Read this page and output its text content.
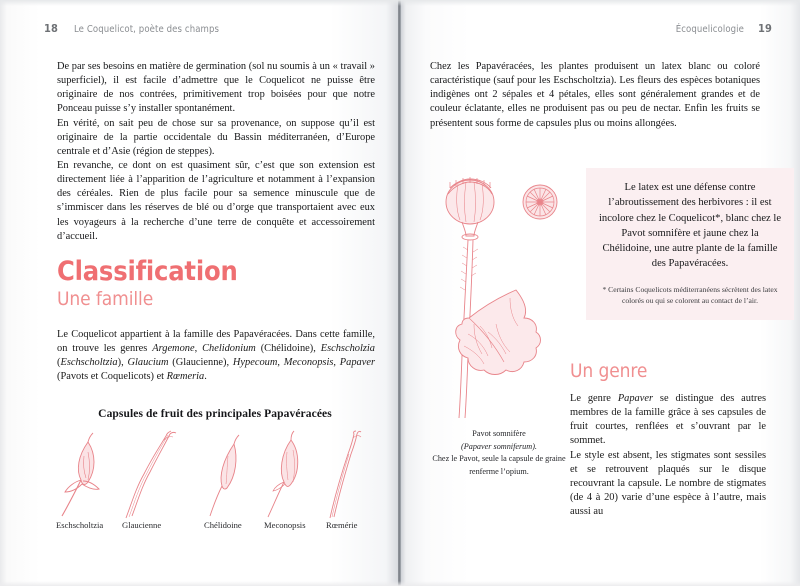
18 Le Coquelicot, poète des champs

De par ses besoins en matière de germination (sol nu soumis à un « travail » superficiel), il est facile d’admettre que le Coquelicot ne puisse être originaire de nos contrées, primitivement trop boisées pour que notre Ponceau puisse s’y installer spontanément.

En vérité, on sait peu de chose sur sa provenance, on suppose qu’il est originaire de la partie occidentale du Bassin méditerranéen, d’Europe centrale et d’Asie (région de steppes).

En revanche, ce dont on est quasiment sûr, c’est que son extension est directement liée à l’apparition de l’agriculture et notamment à l’expansion des céréales. Rien de plus facile pour sa semence minuscule que de s’immiscer dans les réserves de blé ou d’orge que transportaient avec eux les voyageurs à la recherche d’une terre de conquête et accessoirement d’accueil.

Classification
Une famille
Le Coquelicot appartient à la famille des Papavéracées. Dans cette famille, on trouve les genres Argemone, Chelidonium (Chélidoine), Eschscholzia (Eschscholtzia), Glaucium (Glaucienne), Hypecoum, Meconopsis, Papaver (Pavots et Coquelicots) et Rœmeria.
Capsules de fruit des principales Papavéracées
Eschscholtzia Glaucienne	Chélidoine	Meconopsis Rœmérie
Écoquelicologie 19

Chez les Papavéracées, les plantes produisent un latex blanc ou coloré caractéristique (sauf pour les Eschscholtzia). Les fleurs des espèces botaniques indigènes ont 2 sépales et 4 pétales, elles sont généralement grandes et de couleur éclatante, elles ne produisent pas ou peu de nectar. Enfin les fruits se présentent sous forme de capsules plus ou moins allongées.

Le latex est une défense contre l’abroutissement des herbivores : il est incolore chez le Coquelicot*, blanc chez le Pavot somnifère et jaune chez la Chélidoine, une autre plante de la famille des Papavéracées.
* Certains Coquelicots méditerranéens sécrètent des latex colorés ou qui se colorent au contact de l’air.
Pavot somnifère
(Papaver somniferum).
Chez le Pavot, seule la capsule de graine renferme l’opium.
Un genre

Le genre Papaver se distingue des autres membres de la famille grâce à ses capsules de fruit courtes, renflées et s’ouvrant par le sommet.

Le style est absent, les stigmates sont sessiles et se retrouvent plaqués sur le disque recouvrant la capsule. Le nombre de stigmates (de 4 à 20) varie d’une espèce à l’autre, mais aussi au
